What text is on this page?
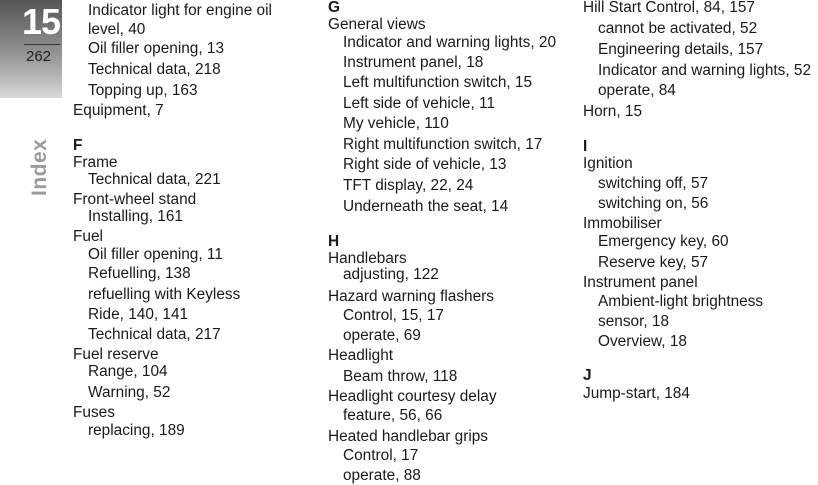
15
262
Index
Indicator light for engine oil
level, 40
Oil filler opening, 13
Technical data, 218
Topping up, 163
Equipment, 7
F
Frame
Technical data, 221
Front-wheel stand
Installing, 161
Fuel
Oil filler opening, 11
Refuelling, 138
refuelling with Keyless
Ride, 140, 141
Technical data, 217
Fuel reserve
Range, 104
Warning, 52
Fuses
replacing, 189
G
General views
Indicator and warning lights, 20
Instrument panel, 18
Left multifunction switch, 15
Left side of vehicle, 11
My vehicle, 110
Right multifunction switch, 17
Right side of vehicle, 13
TFT display, 22, 24
Underneath the seat, 14
H
Handlebars
adjusting, 122
Hazard warning flashers
Control, 15, 17
operate, 69
Headlight
Beam throw, 118
Headlight courtesy delay
feature, 56, 66
Heated handlebar grips
Control, 17
operate, 88
Hill Start Control, 84, 157
cannot be activated, 52
Engineering details, 157
Indicator and warning lights, 52
operate, 84
Horn, 15
I
Ignition
switching off, 57
switching on, 56
Immobiliser
Emergency key, 60
Reserve key, 57
Instrument panel
Ambient-light brightness
sensor, 18
Overview, 18
J
Jump-start, 184
